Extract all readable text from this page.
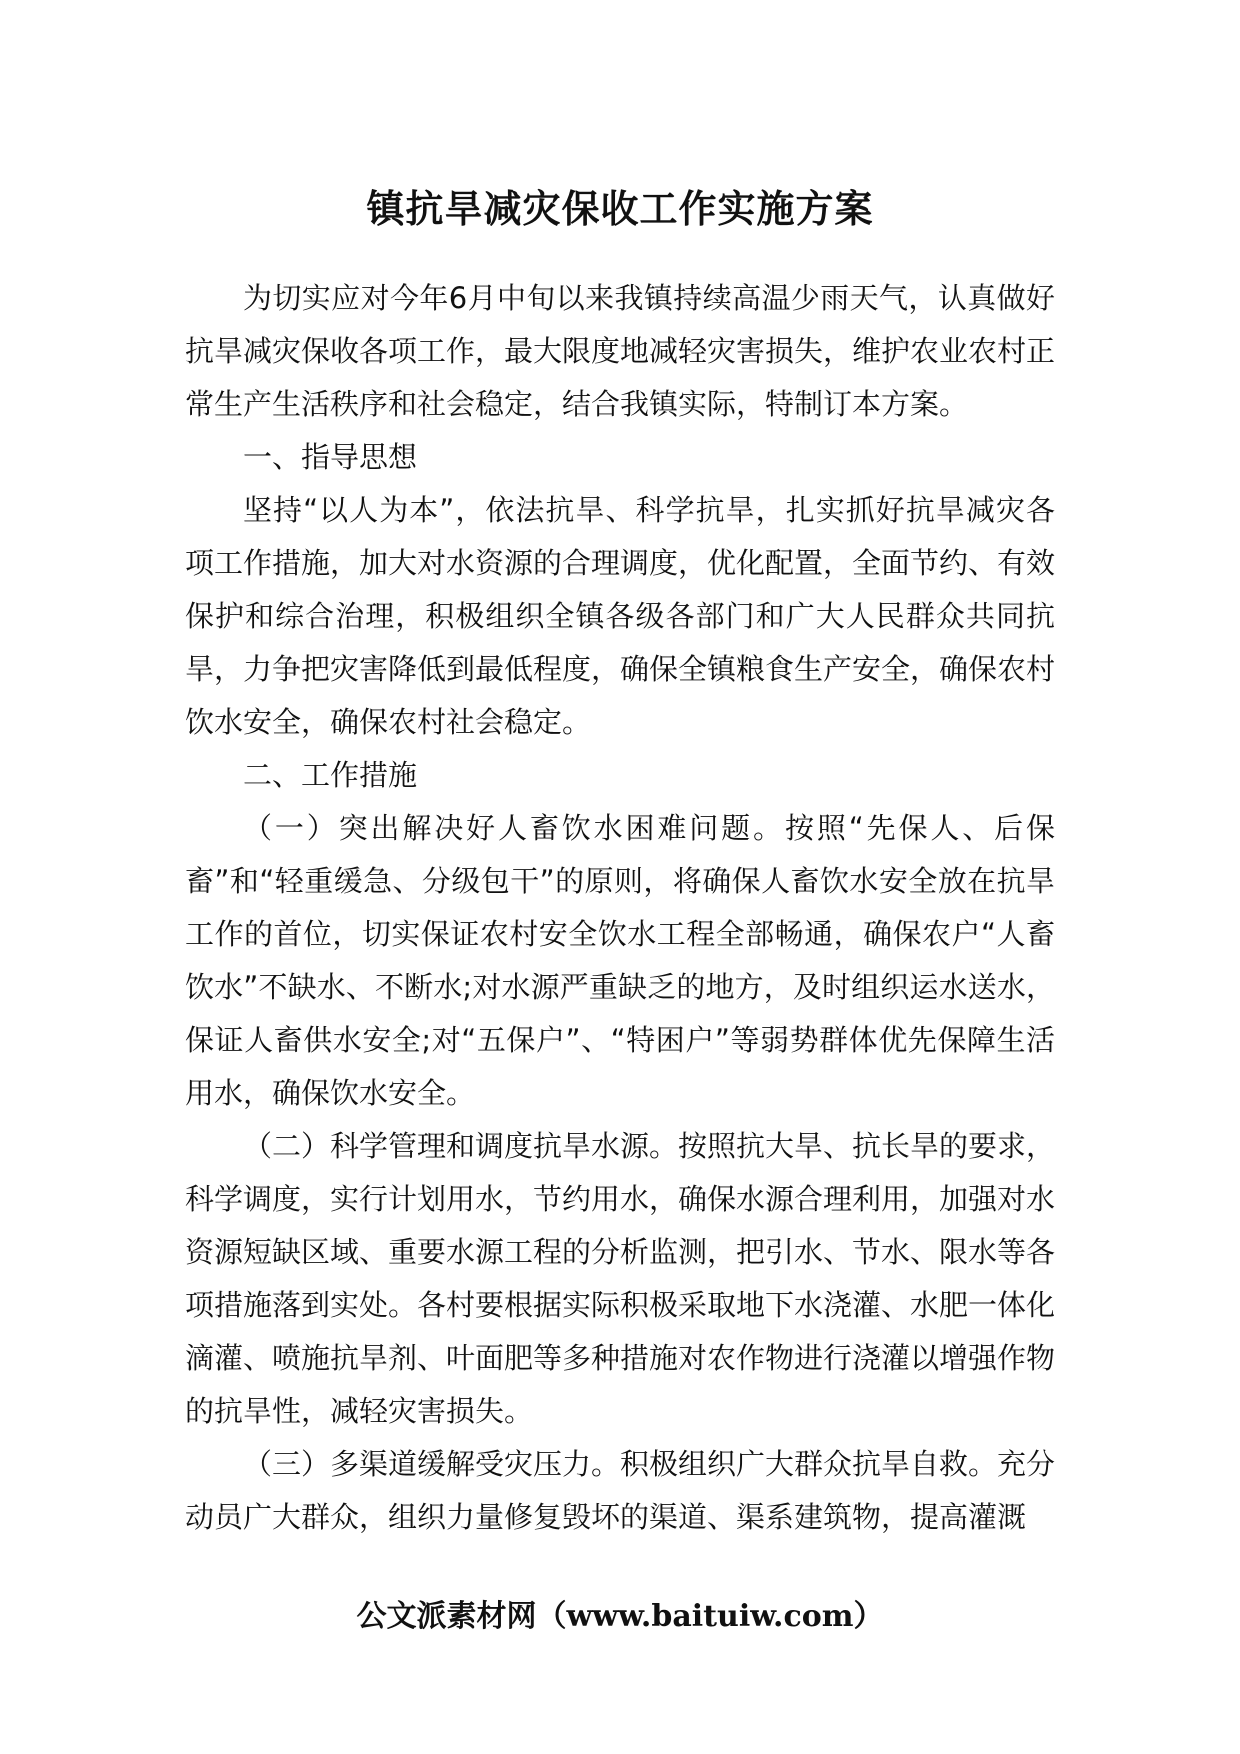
镇抗旱减灾保收工作实施方案

为切实应对今年6月中旬以来我镇持续高温少雨天气，认真做好抗旱减灾保收各项工作，最大限度地减轻灾害损失，维护农业农村正常生产生活秩序和社会稳定，结合我镇实际，特制订本方案。

一、指导思想

坚持“以人为本”，依法抗旱、科学抗旱，扎实抓好抗旱减灾各项工作措施，加大对水资源的合理调度，优化配置，全面节约、有效保护和综合治理，积极组织全镇各级各部门和广大人民群众共同抗旱，力争把灾害降低到最低程度，确保全镇粮食生产安全，确保农村饮水安全，确保农村社会稳定。

二、工作措施

（一）突出解决好人畜饮水困难问题。按照“先保人、后保畜”和“轻重缓急、分级包干”的原则，将确保人畜饮水安全放在抗旱工作的首位，切实保证农村安全饮水工程全部畅通，确保农户“人畜饮水”不缺水、不断水;对水源严重缺乏的地方，及时组织运水送水，保证人畜供水安全;对“五保户”、“特困户”等弱势群体优先保障生活用水，确保饮水安全。

（二）科学管理和调度抗旱水源。按照抗大旱、抗长旱的要求，科学调度，实行计划用水，节约用水，确保水源合理利用，加强对水资源短缺区域、重要水源工程的分析监测，把引水、节水、限水等各项措施落到实处。各村要根据实际积极采取地下水浇灌、水肥一体化滴灌、喷施抗旱剂、叶面肥等多种措施对农作物进行浇灌以增强作物的抗旱性，减轻灾害损失。

（三）多渠道缓解受灾压力。积极组织广大群众抗旱自救。充分动员广大群众，组织力量修复毁坏的渠道、渠系建筑物，提高灌溉

公文派素材网（www.baituiw.com）
